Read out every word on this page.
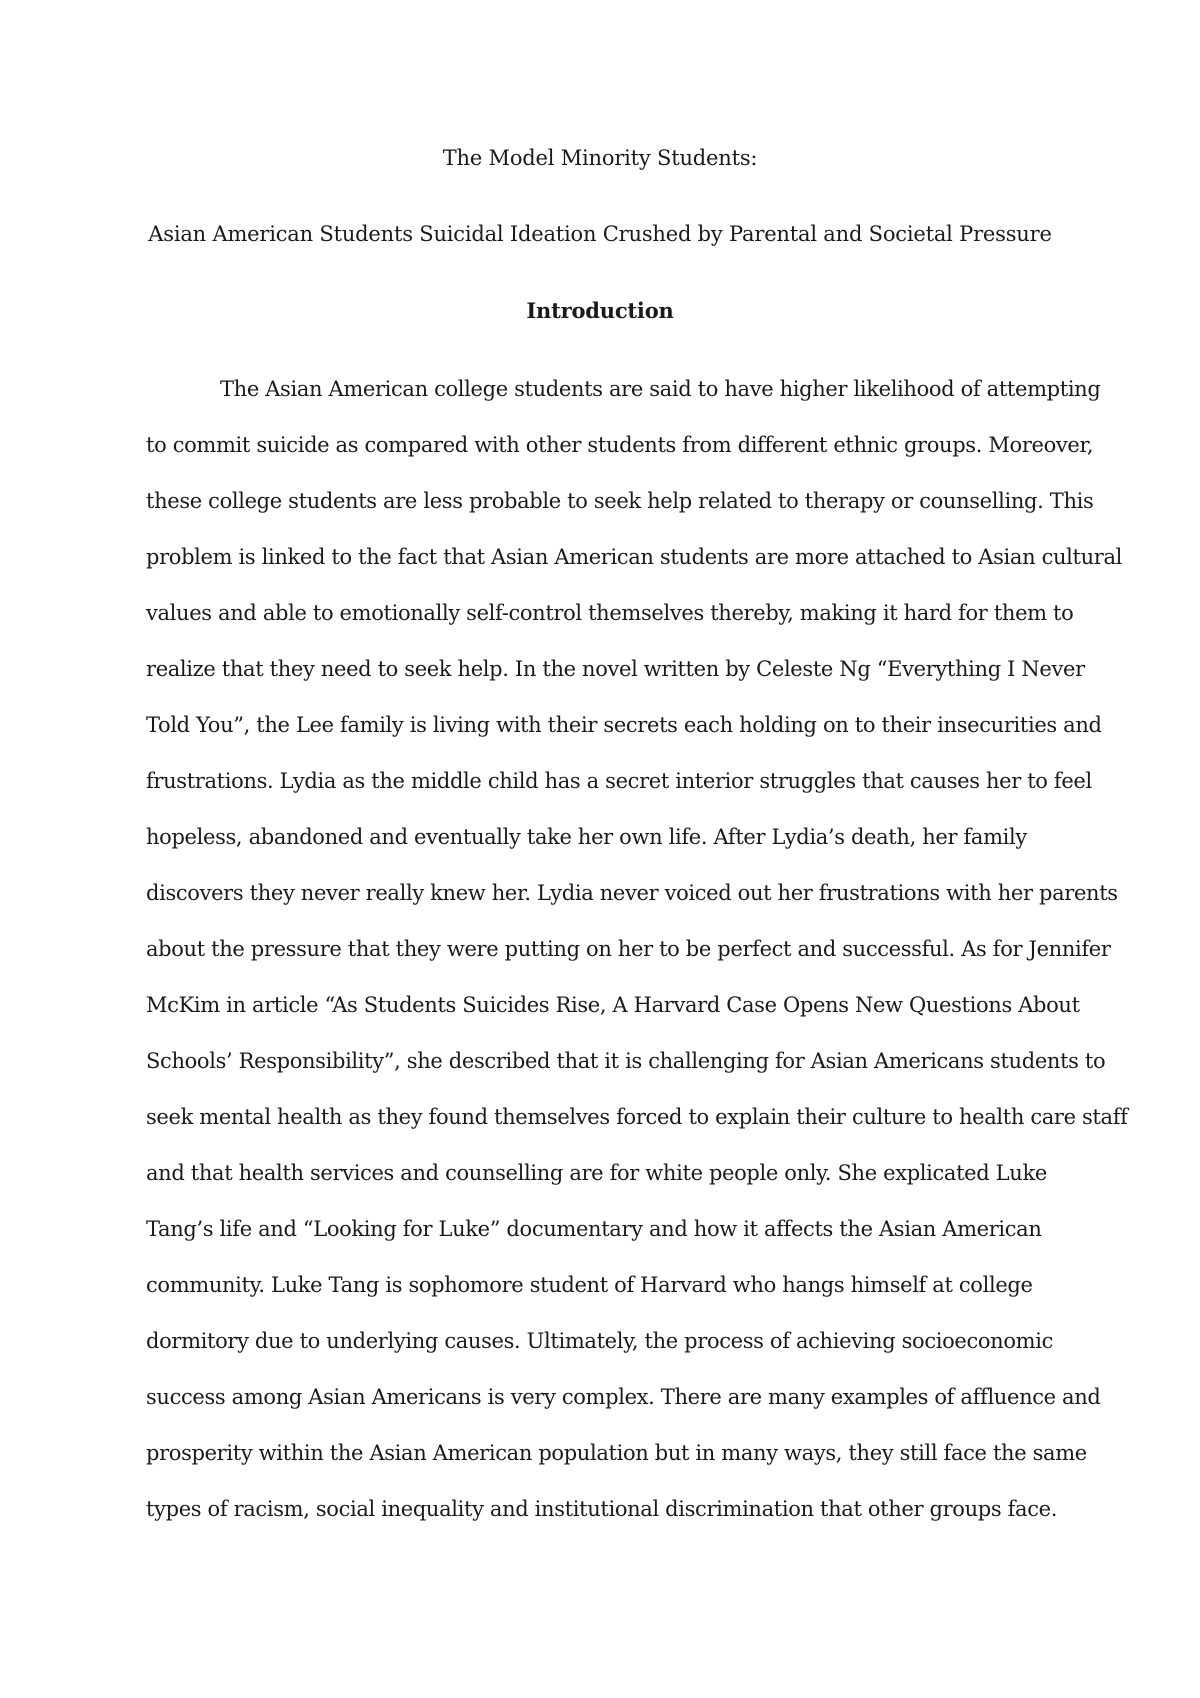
The Model Minority Students:
Asian American Students Suicidal Ideation Crushed by Parental and Societal Pressure
Introduction
The Asian American college students are said to have higher likelihood of attempting
to commit suicide as compared with other students from different ethnic groups. Moreover,
these college students are less probable to seek help related to therapy or counselling. This
problem is linked to the fact that Asian American students are more attached to Asian cultural
values and able to emotionally self-control themselves thereby, making it hard for them to
realize that they need to seek help. In the novel written by Celeste Ng “Everything I Never
Told You”, the Lee family is living with their secrets each holding on to their insecurities and
frustrations. Lydia as the middle child has a secret interior struggles that causes her to feel
hopeless, abandoned and eventually take her own life. After Lydia’s death, her family
discovers they never really knew her. Lydia never voiced out her frustrations with her parents
about the pressure that they were putting on her to be perfect and successful. As for Jennifer
McKim in article “As Students Suicides Rise, A Harvard Case Opens New Questions About
Schools’ Responsibility”, she described that it is challenging for Asian Americans students to
seek mental health as they found themselves forced to explain their culture to health care staff
and that health services and counselling are for white people only. She explicated Luke
Tang’s life and “Looking for Luke” documentary and how it affects the Asian American
community. Luke Tang is sophomore student of Harvard who hangs himself at college
dormitory due to underlying causes. Ultimately, the process of achieving socioeconomic
success among Asian Americans is very complex. There are many examples of affluence and
prosperity within the Asian American population but in many ways, they still face the same
types of racism, social inequality and institutional discrimination that other groups face.
